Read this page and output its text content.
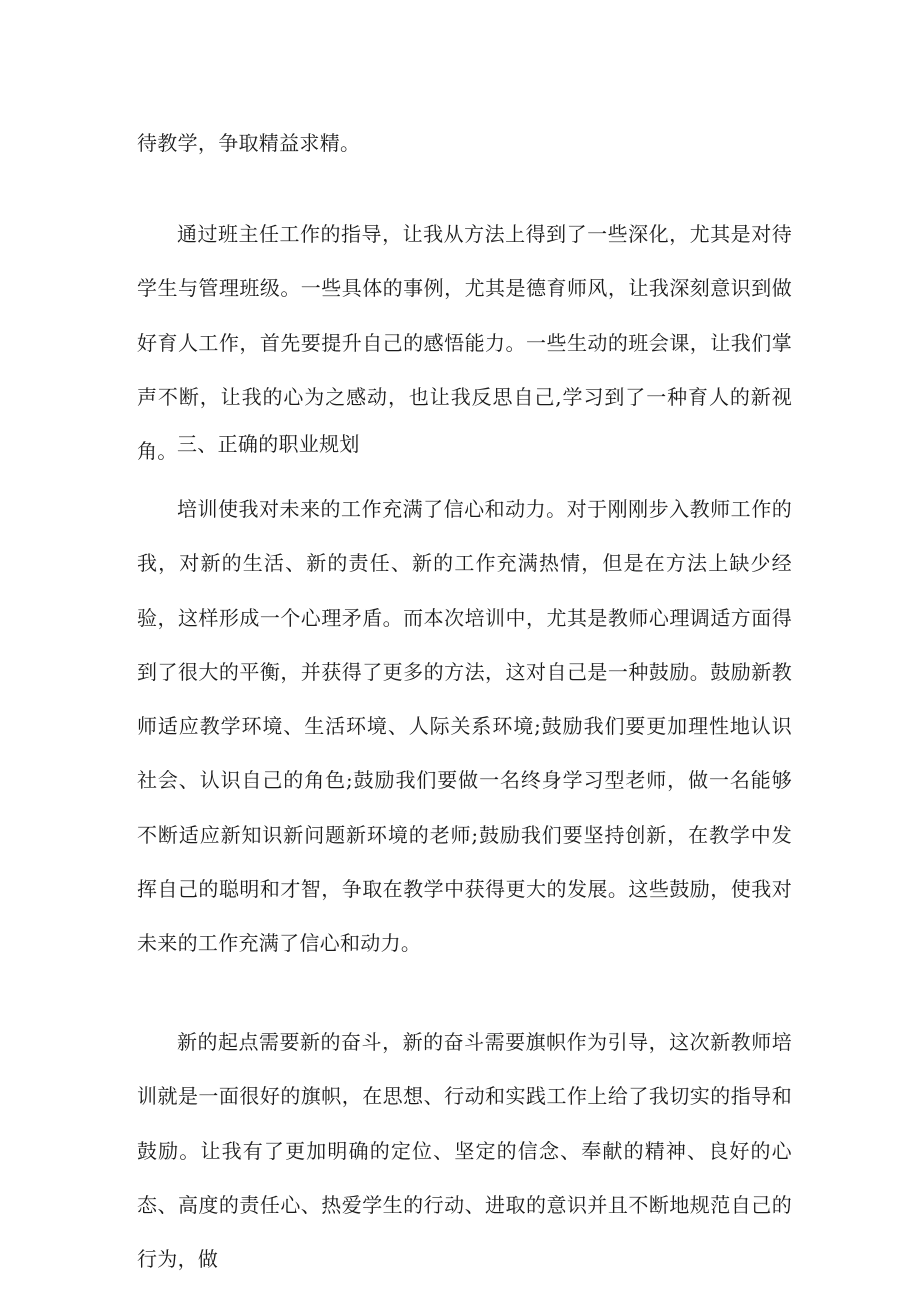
待教学，争取精益求精。

通过班主任工作的指导，让我从方法上得到了一些深化，尤其是对待学生与管理班级。一些具体的事例，尤其是德育师风，让我深刻意识到做好育人工作，首先要提升自己的感悟能力。一些生动的班会课，让我们掌声不断，让我的心为之感动，也让我反思自己,学习到了一种育人的新视角。 三、正确的职业规划

培训使我对未来的工作充满了信心和动力。对于刚刚步入教师工作的我，对新的生活、新的责任、新的工作充满热情，但是在方法上缺少经验，这样形成一个心理矛盾。而本次培训中，尤其是教师心理调适方面得到了很大的平衡，并获得了更多的方法，这对自己是一种鼓励。鼓励新教师适应教学环境、生活环境、人际关系环境;鼓励我们要更加理性地认识社会、认识自己的角色;鼓励我们要做一名终身学习型老师，做一名能够不断适应新知识新问题新环境的老师;鼓励我们要坚持创新，在教学中发挥自己的聪明和才智，争取在教学中获得更大的发展。这些鼓励，使我对未来的工作充满了信心和动力。

新的起点需要新的奋斗，新的奋斗需要旗帜作为引导，这次新教师培训就是一面很好的旗帜，在思想、行动和实践工作上给了我切实的指导和鼓励。让我有了更加明确的定位、坚定的信念、奉献的精神、良好的心态、高度的责任心、热爱学生的行动、进取的意识并且不断地规范自己的行为，做
